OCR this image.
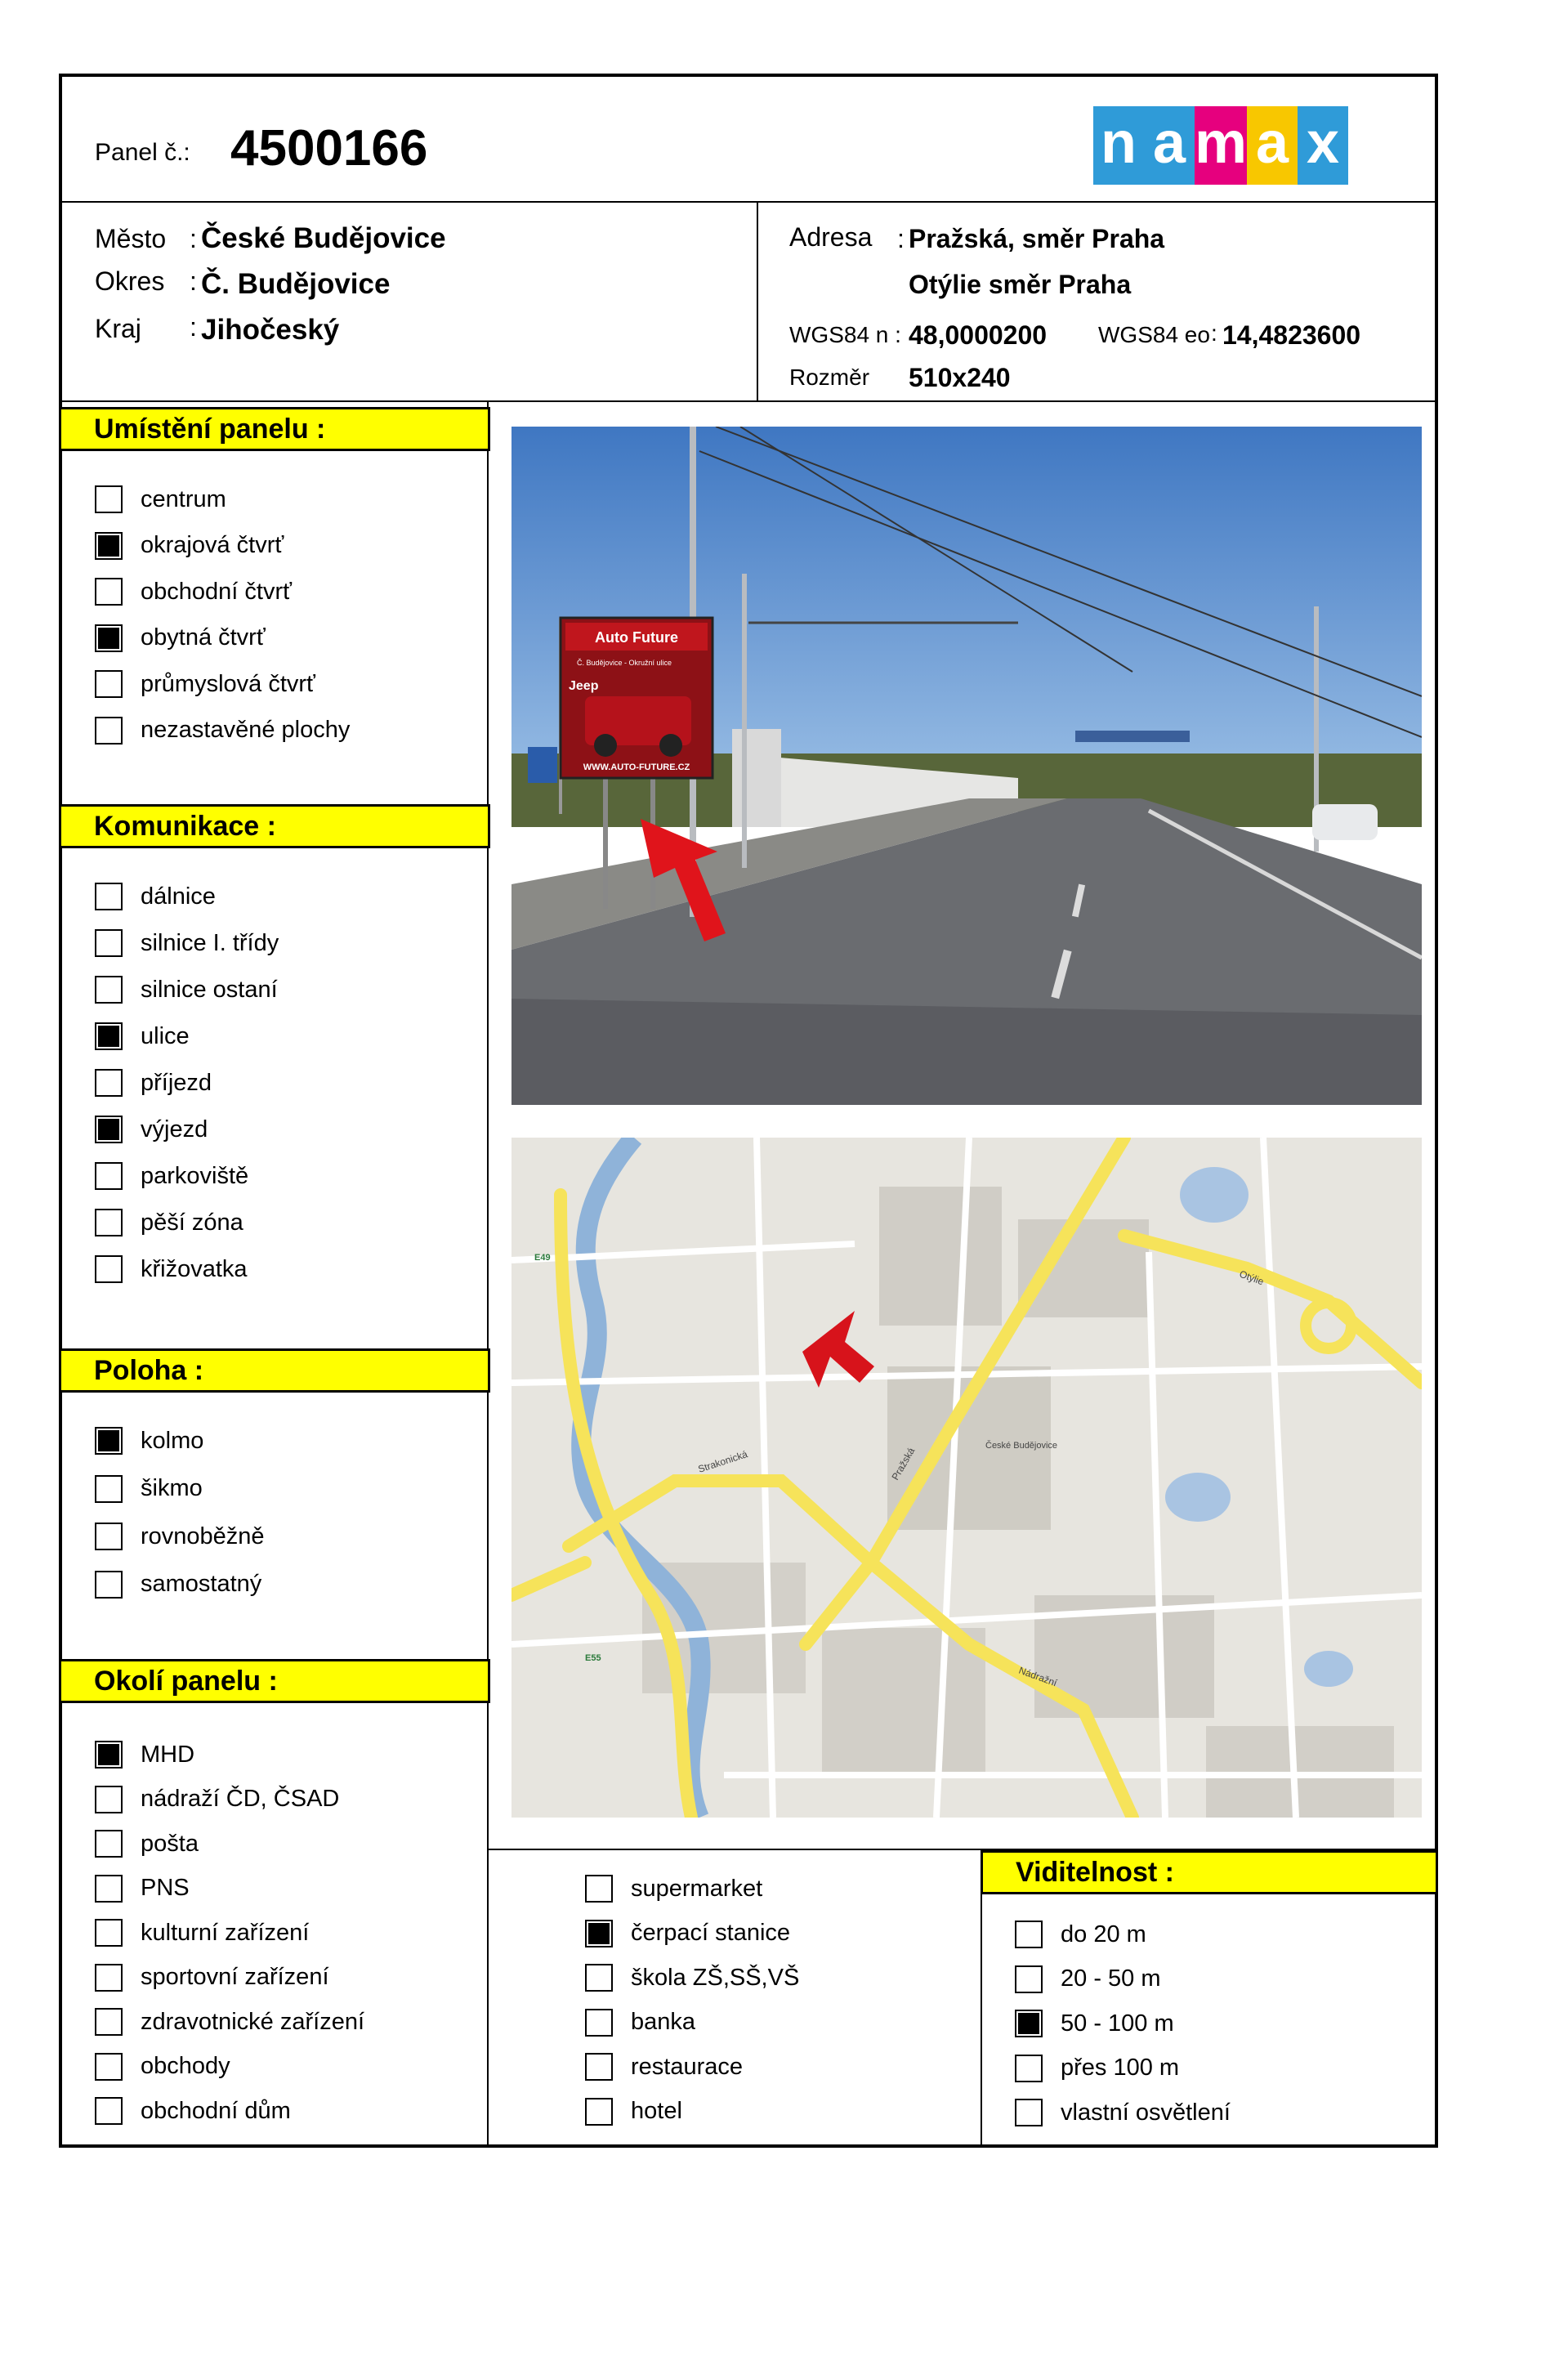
Panel č.: 4500166	n a m a x
Město : České Budějovice
Okres : Č. Budějovice
Kraj : Jihočeský
Adresa : Pražská, směr Praha
Otýlie směr Praha
WGS84 n : 48,0000200 WGS84 eo : 14,4823600
Rozměr 510x240
Umístění panelu :
centrum
okrajová čtvrť
obchodní čtvrť
obytná čtvrť
průmyslová čtvrť
nezastavěné plochy
Komunikace :
dálnice
silnice I. třídy
silnice ostaní
ulice
příjezd
výjezd
parkoviště
pěší zóna
křižovatka
Poloha :
kolmo
šikmo
rovnoběžně
samostatný
Okolí panelu :
MHD
nádraží ČD, ČSAD
pošta
PNS
kulturní zařízení
sportovní zařízení
zdravotnické zařízení
obchody
obchodní dům
supermarket
čerpací stanice
škola ZŠ,SŠ,VŠ
banka
restaurace
hotel
Viditelnost :
do 20 m
20 - 50 m
50 - 100 m
přes 100 m
vlastní osvětlení
Auto Future
Č. Budějovice - Okružní ulice
Jeep
WWW.AUTO-FUTURE.CZ
Pražská
Nádražní
Strakonická
Otýlie
E49
E55
České Budějovice
